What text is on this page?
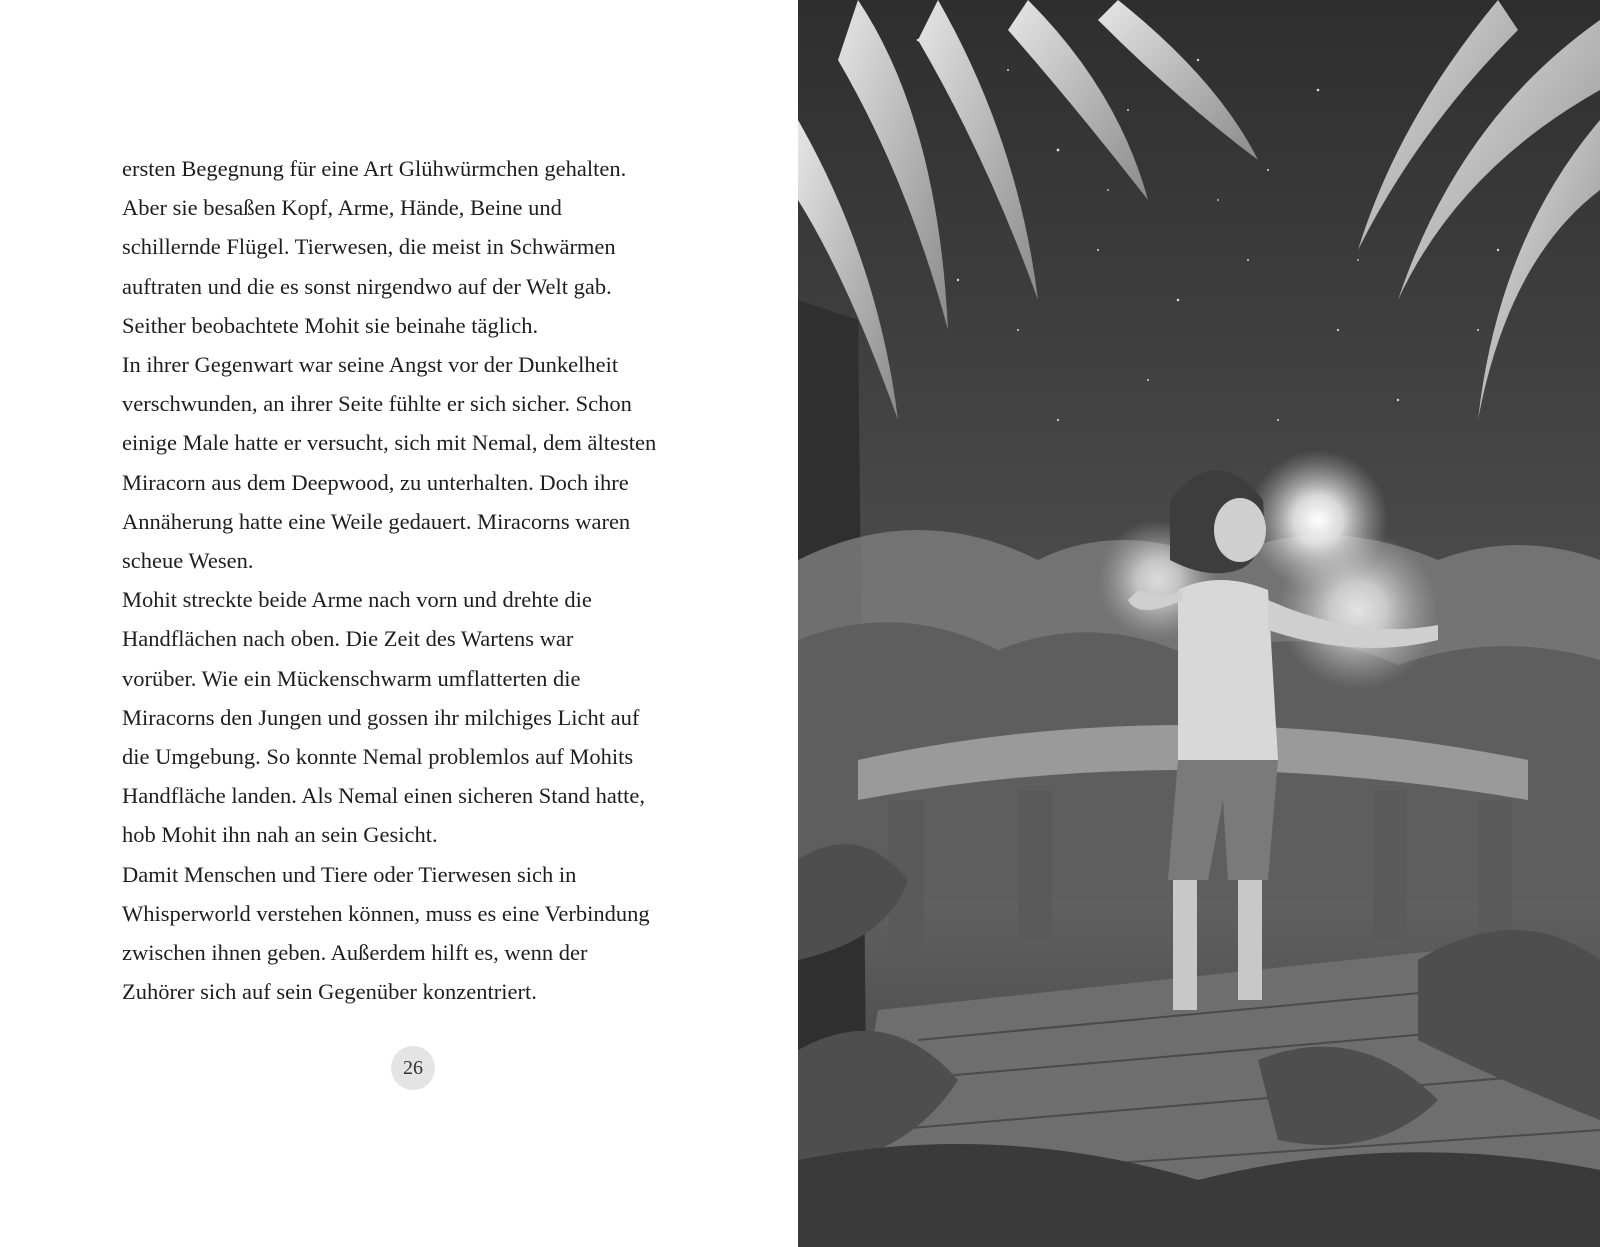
ersten Begegnung für eine Art Glühwürmchen gehalten.
Aber sie besaßen Kopf, Arme, Hände, Beine und
schillernde Flügel. Tierwesen, die meist in Schwärmen
auftraten und die es sonst nirgendwo auf der Welt gab.
Seither beobachtete Mohit sie beinahe täglich.
In ihrer Gegenwart war seine Angst vor der Dunkelheit
verschwunden, an ihrer Seite fühlte er sich sicher. Schon
einige Male hatte er versucht, sich mit Nemal, dem ältesten
Miracorn aus dem Deepwood, zu unterhalten. Doch ihre
Annäherung hatte eine Weile gedauert. Miracorns waren
scheue Wesen.
Mohit streckte beide Arme nach vorn und drehte die
Handflächen nach oben. Die Zeit des Wartens war
vorüber. Wie ein Mückenschwarm umflatterten die
Miracorns den Jungen und gossen ihr milchiges Licht auf
die Umgebung. So konnte Nemal problemlos auf Mohits
Handfläche landen. Als Nemal einen sicheren Stand hatte,
hob Mohit ihn nah an sein Gesicht.
Damit Menschen und Tiere oder Tierwesen sich in
Whisperworld verstehen können, muss es eine Verbindung
zwischen ihnen geben. Außerdem hilft es, wenn der
Zuhörer sich auf sein Gegenüber konzentriert.
26
